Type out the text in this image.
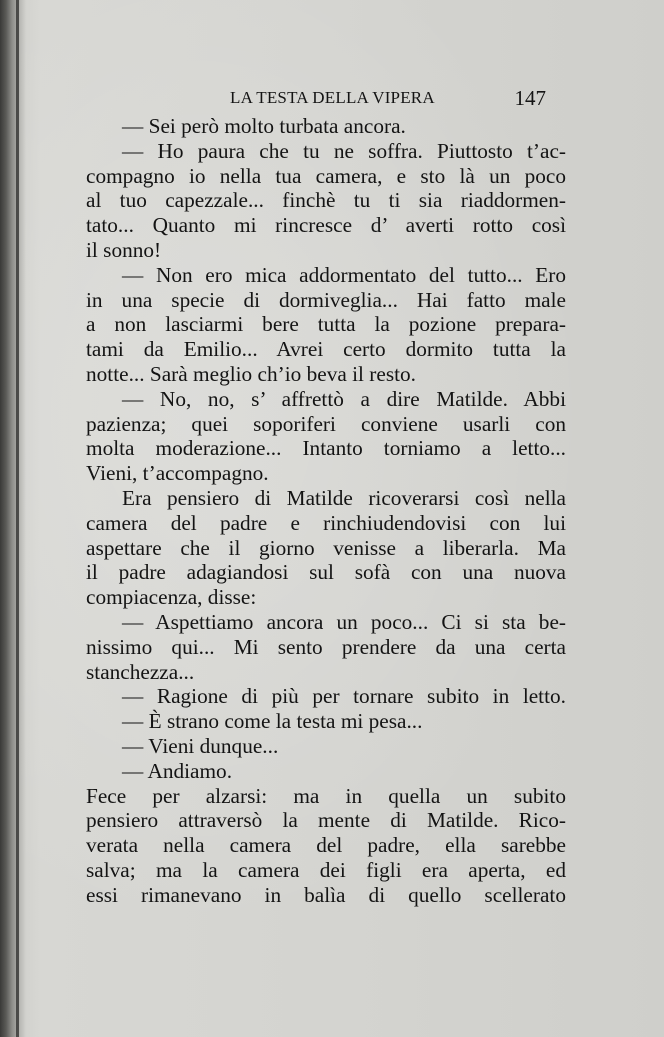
LA TESTA DELLA VIPERA	147
— Sei però molto turbata ancora.
— Ho paura che tu ne soffra. Piuttosto t’ac-
compagno io nella tua camera, e sto là un poco
al tuo capezzale... finchè tu ti sia riaddormen-
tato... Quanto mi rincresce d’ averti rotto così
il sonno!
— Non ero mica addormentato del tutto... Ero
in una specie di dormiveglia... Hai fatto male
a non lasciarmi bere tutta la pozione prepara-
tami da Emilio... Avrei certo dormito tutta la
notte... Sarà meglio ch’io beva il resto.
— No, no, s’ affrettò a dire Matilde. Abbi
pazienza; quei soporiferi conviene usarli con
molta moderazione... Intanto torniamo a letto...
Vieni, t’accompagno.
Era pensiero di Matilde ricoverarsi così nella
camera del padre e rinchiudendovisi con lui
aspettare che il giorno venisse a liberarla. Ma
il padre adagiandosi sul sofà con una nuova
compiacenza, disse:
— Aspettiamo ancora un poco... Ci si sta be-
nissimo qui... Mi sento prendere da una certa
stanchezza...
— Ragione di più per tornare subito in letto.
— È strano come la testa mi pesa...
— Vieni dunque...
— Andiamo.
Fece per alzarsi: ma in quella un subito
pensiero attraversò la mente di Matilde. Rico-
verata nella camera del padre, ella sarebbe
salva; ma la camera dei figli era aperta, ed
essi rimanevano in balìa di quello scellerato
